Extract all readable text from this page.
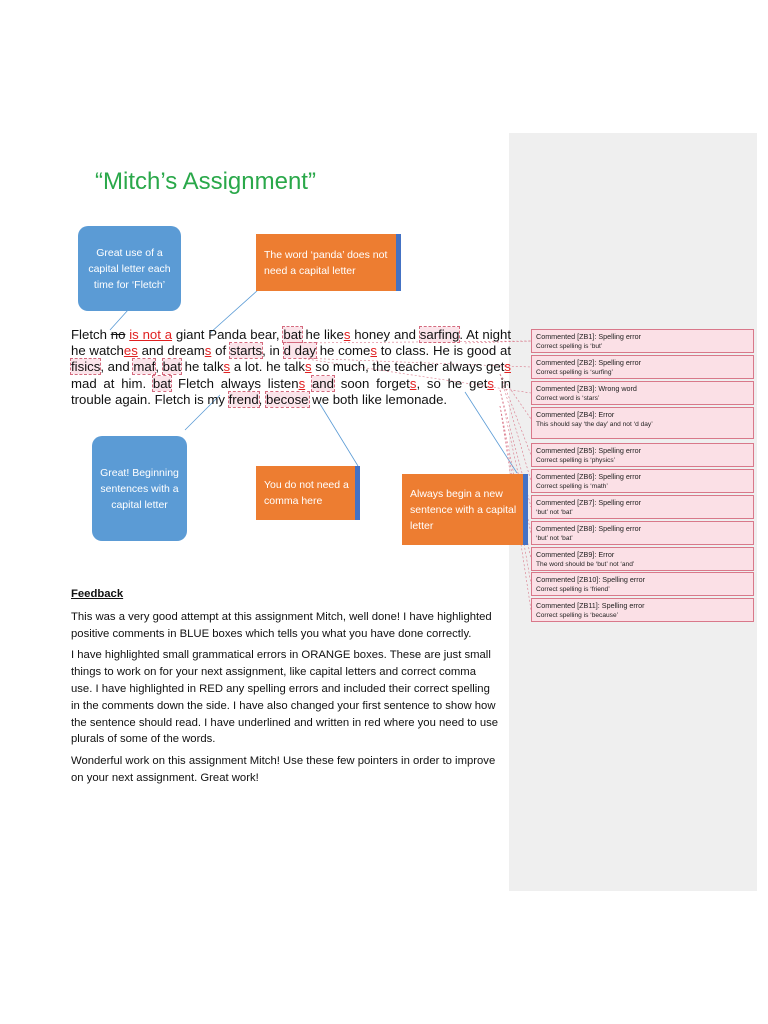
“Mitch’s Assignment”
Great use of a capital letter each time for ‘Fletch’
The word ‘panda’ does not need a capital letter
Fletch no is not a giant Panda bear, bat he likes honey and sarfing. At night he watches and dreams of starts, in d day he comes to class. He is good at fisics, and maf, bat he talks a lot. he talks so much, the teacher always gets mad at him. bat Fletch always listens and soon forgets, so he gets in trouble again. Fletch is my frend, becose we both like lemonade.
Great! Beginning sentences with a capital letter
You do not need a comma here
Always begin a new sentence with a capital letter
Commented [ZB1]: Spelling error
Correct spelling is ‘but’
Commented [ZB2]: Spelling error
Correct spelling is ‘surfing’
Commented [ZB3]: Wrong word
Correct word is ‘stars’
Commented [ZB4]: Error
This should say ‘the day’ and not ‘d day’
Commented [ZB5]: Spelling error
Correct spelling is ‘physics’
Commented [ZB6]: Spelling error
Correct spelling is ‘math’
Commented [ZB7]: Spelling error
‘but’ not ‘bat’
Commented [ZB8]: Spelling error
‘but’ not ‘bat’
Commented [ZB9]: Error
The word should be ‘but’ not ‘and’
Commented [ZB10]: Spelling error
Correct spelling is ‘friend’
Commented [ZB11]: Spelling error
Correct spelling is ‘because’
Feedback

This was a very good attempt at this assignment Mitch, well done! I have highlighted positive comments in BLUE boxes which tells you what you have done correctly.

I have highlighted small grammatical errors in ORANGE boxes. These are just small things to work on for your next assignment, like capital letters and correct comma use. I have highlighted in RED any spelling errors and included their correct spelling in the comments down the side. I have also changed your first sentence to show how the sentence should read. I have underlined and written in red where you need to use plurals of some of the words.

Wonderful work on this assignment Mitch! Use these few pointers in order to improve on your next assignment. Great work!
